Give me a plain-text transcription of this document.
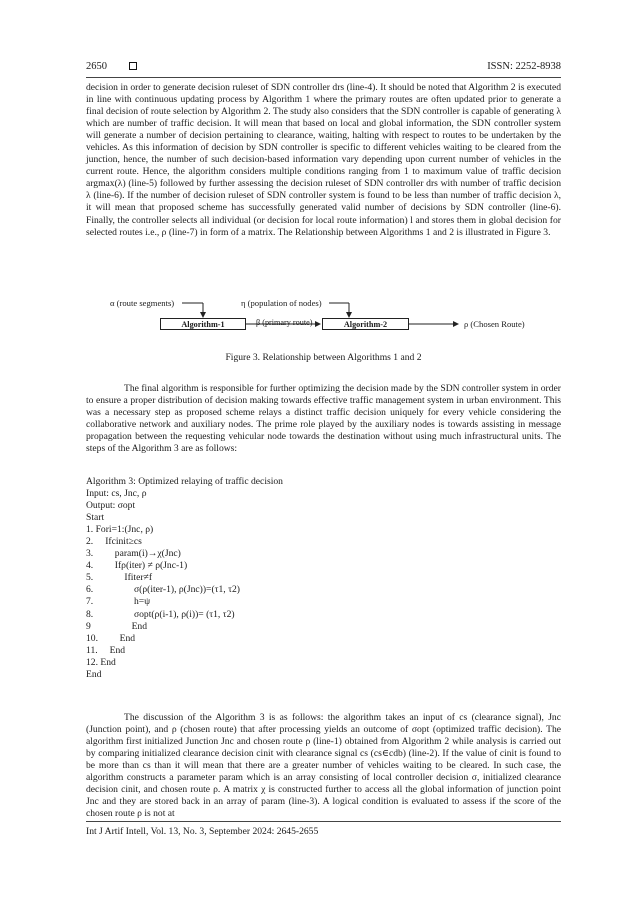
2650	ISSN: 2252-8938
decision in order to generate decision ruleset of SDN controller drs (line-4). It should be noted that Algorithm 2 is executed in line with continuous updating process by Algorithm 1 where the primary routes are often updated prior to generate a final decision of route selection by Algorithm 2. The study also considers that the SDN controller is capable of generating λ which are number of traffic decision. It will mean that based on local and global information, the SDN controller system will generate a number of decision pertaining to clearance, waiting, halting with respect to routes to be undertaken by the vehicles. As this information of decision by SDN controller is specific to different vehicles waiting to be cleared from the junction, hence, the number of such decision-based information vary depending upon current number of vehicles in the current route. Hence, the algorithm considers multiple conditions ranging from 1 to maximum value of traffic decision argmax(λ) (line-5) followed by further assessing the decision ruleset of SDN controller drs with number of traffic decision λ (line-6). If the number of decision ruleset of SDN controller system is found to be less than number of traffic decision λ, it will mean that proposed scheme has successfully generated valid number of decisions by SDN controller (line-6). Finally, the controller selects all individual (or decision for local route information) l and stores them in global decision for selected routes i.e., ρ (line-7) in form of a matrix. The Relationship between Algorithms 1 and 2 is illustrated in Figure 3.
α (route segments)	η (population of nodes)
Algorithm-1	β (primary route)	Algorithm-2	ρ (Chosen Route)
Figure 3. Relationship between Algorithms 1 and 2
The final algorithm is responsible for further optimizing the decision made by the SDN controller system in order to ensure a proper distribution of decision making towards effective traffic management system in urban environment. This was a necessary step as proposed scheme relays a distinct traffic decision uniquely for every vehicle considering the collaborative network and auxiliary nodes. The prime role played by the auxiliary nodes is towards assisting in message propagation between the requesting vehicular node towards the destination without using much infrastructural units. The steps of the Algorithm 3 are as follows:
Algorithm 3: Optimized relaying of traffic decision
Input: cs, Jnc, ρ
Output: σopt
Start
1. Fori=1:(Jnc, ρ)
2.     Ifcinit≥cs
3.         param(i)→χ(Jnc)
4.         Ifρ(iter) ≠ ρ(Jnc-1)
5.             Ifiter≠f
6.                 σ(ρ(iter-1), ρ(Jnc))=(τ1, τ2)
7.                 h=ψ
8.                 σopt(ρ(i-1), ρ(i))= (τ1, τ2)
9                 End
10.         End
11.     End
12. End
End
The discussion of the Algorithm 3 is as follows: the algorithm takes an input of cs (clearance signal), Jnc (Junction point), and ρ (chosen route) that after processing yields an outcome of σopt (optimized traffic decision). The algorithm first initialized Junction Jnc and chosen route ρ (line-1) obtained from Algorithm 2 while analysis is carried out by comparing initialized clearance decision cinit with clearance signal cs (cs∈cdb) (line-2). If the value of cinit is found to be more than cs than it will mean that there are a greater number of vehicles waiting to be cleared. In such case, the algorithm constructs a parameter param which is an array consisting of local controller decision σ, initialized clearance decision cinit, and chosen route ρ. A matrix χ is constructed further to access all the global information of junction point Jnc and they are stored back in an array of param (line-3). A logical condition is evaluated to assess if the score of the chosen route ρ is not at
Int J Artif Intell, Vol. 13, No. 3, September 2024: 2645-2655
